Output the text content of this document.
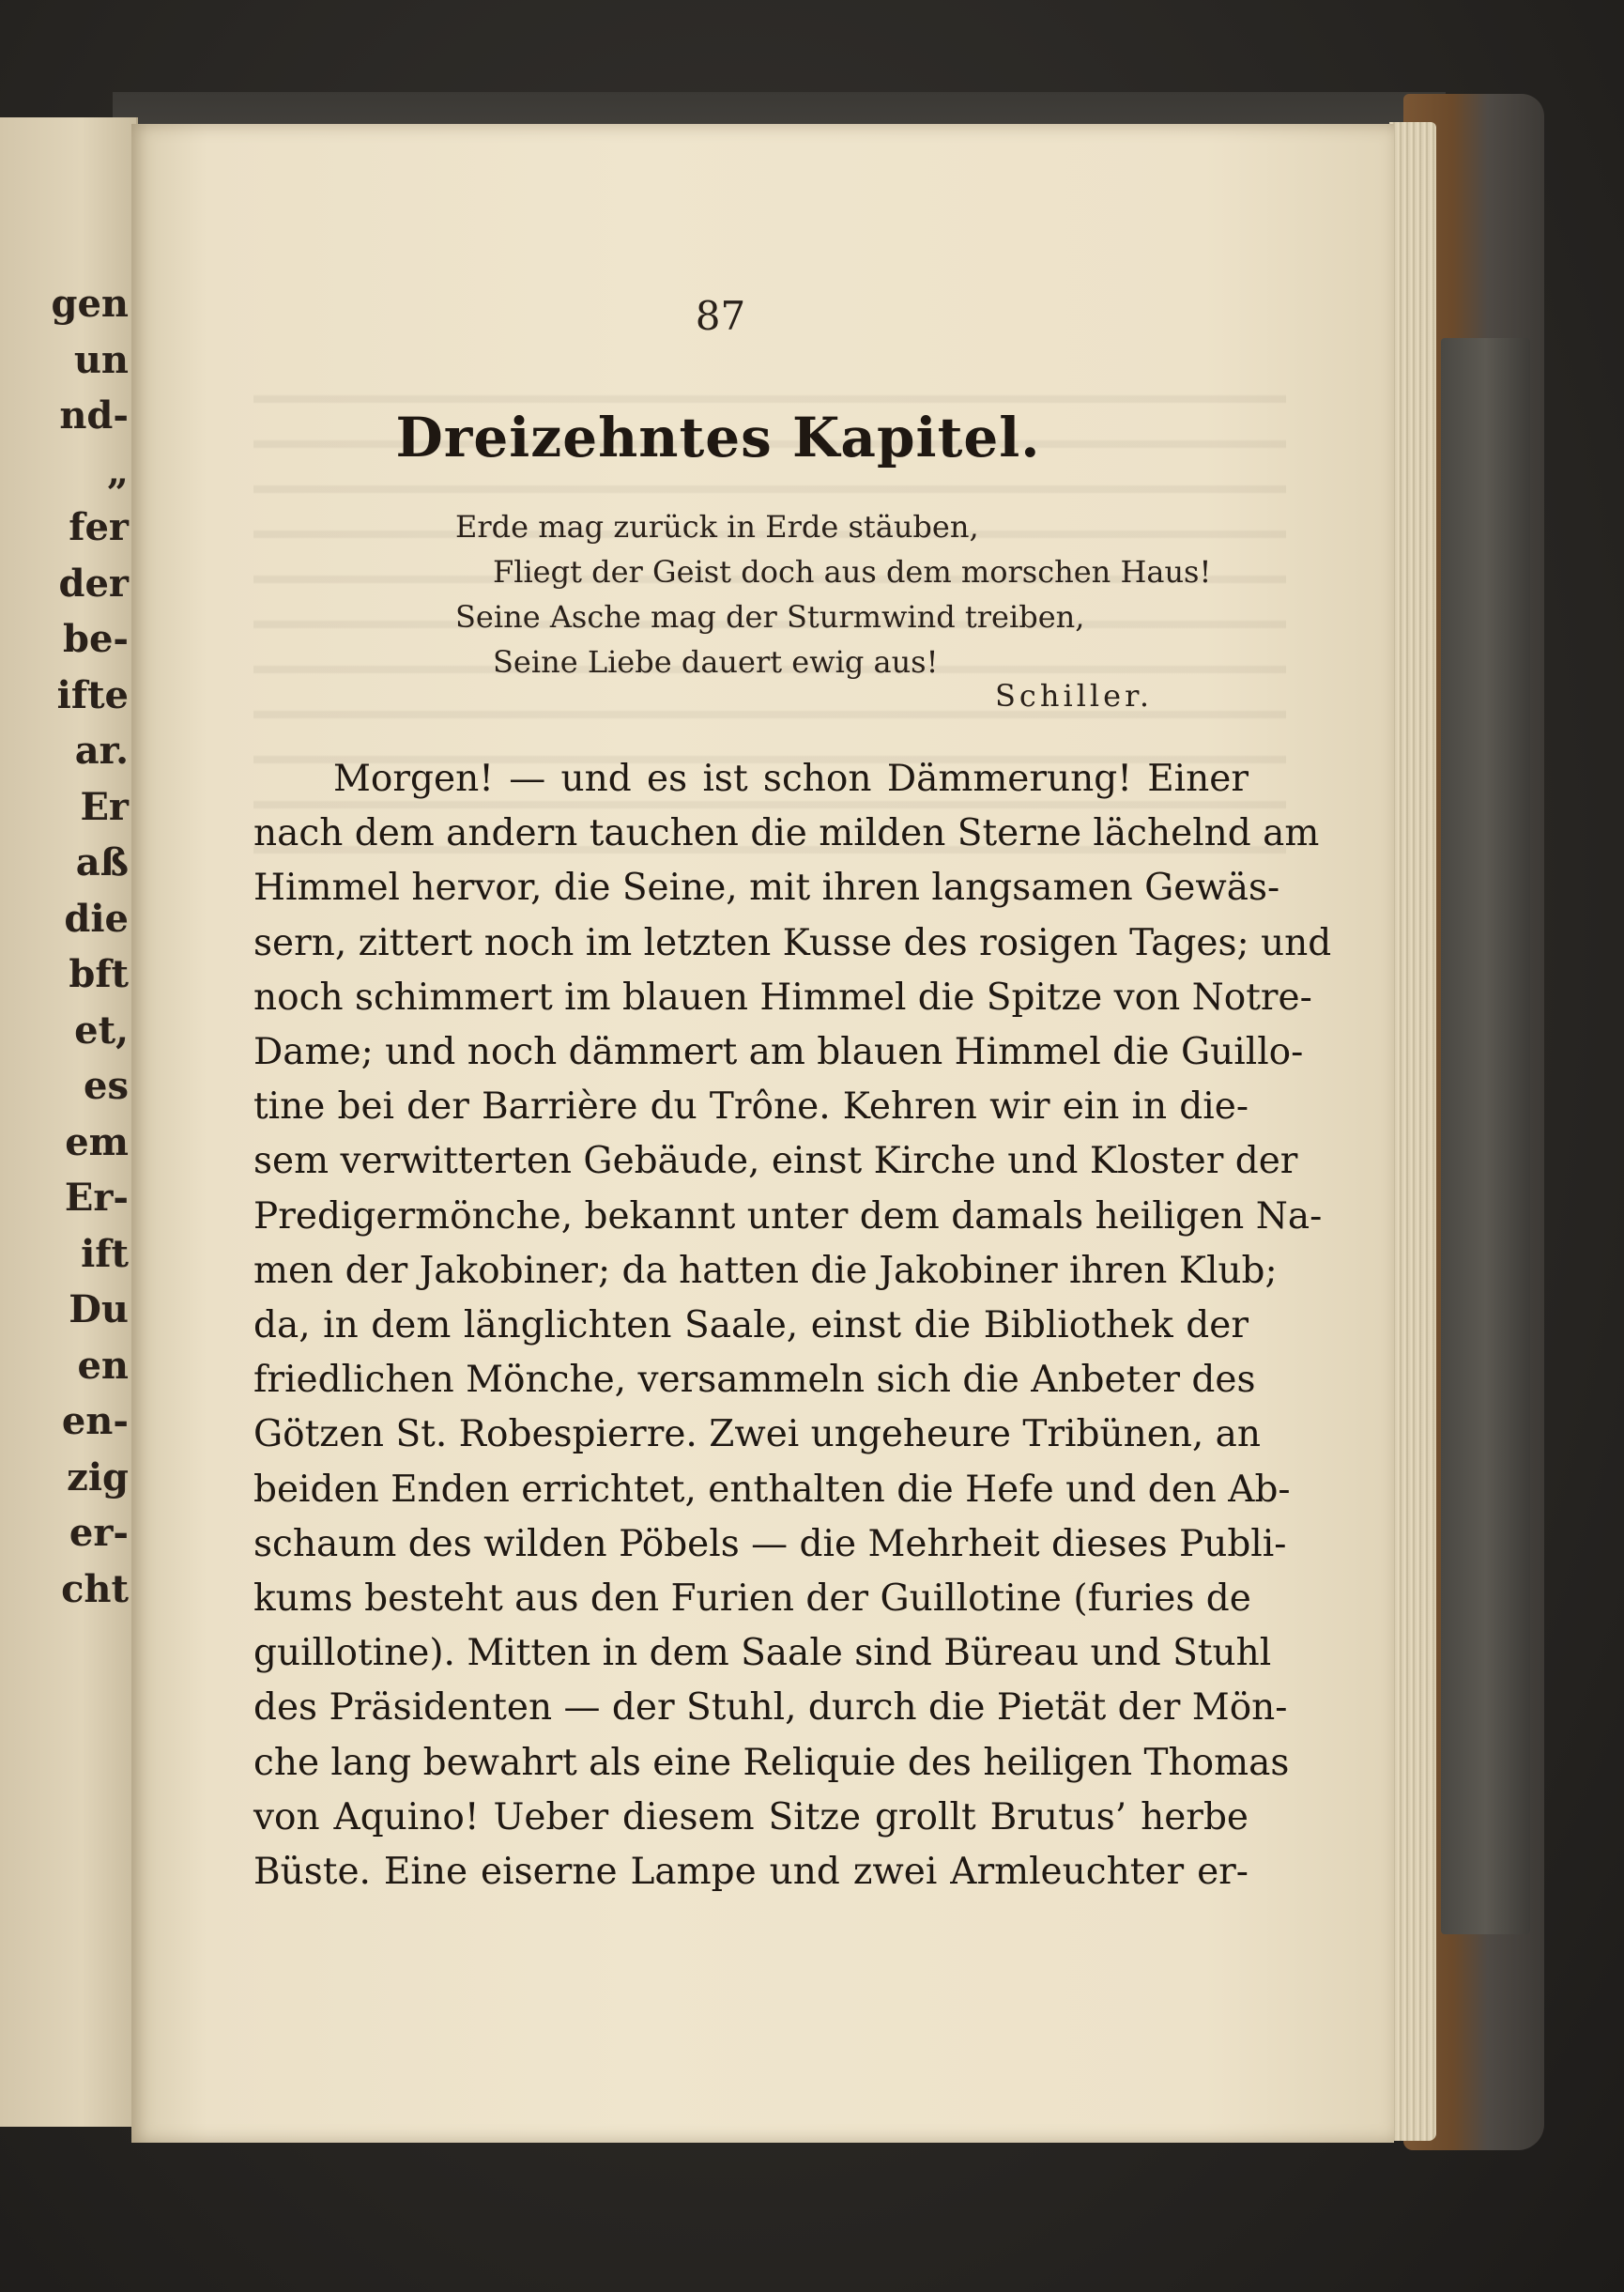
gen
un
nd-
„
fer
der
be-
ifte
ar.
Er
aß
die
bft
et,
es
em
Er-
ift
Du
en
en-
zig
er-
cht
87
Dreizehntes Kapitel.
Erde mag zurück in Erde stäuben,
Fliegt der Geist doch aus dem morschen Haus!
Seine Asche mag der Sturmwind treiben,
Seine Liebe dauert ewig aus!
Schiller.
Morgen! — und es ist schon Dämmerung! Einer
nach dem andern tauchen die milden Sterne lächelnd am
Himmel hervor, die Seine, mit ihren langsamen Gewäs-
sern, zittert noch im letzten Kusse des rosigen Tages; und
noch schimmert im blauen Himmel die Spitze von Notre-
Dame; und noch dämmert am blauen Himmel die Guillo-
tine bei der Barrière du Trône. Kehren wir ein in die-
sem verwitterten Gebäude, einst Kirche und Kloster der
Predigermönche, bekannt unter dem damals heiligen Na-
men der Jakobiner; da hatten die Jakobiner ihren Klub;
da, in dem länglichten Saale, einst die Bibliothek der
friedlichen Mönche, versammeln sich die Anbeter des
Götzen St. Robespierre. Zwei ungeheure Tribünen, an
beiden Enden errichtet, enthalten die Hefe und den Ab-
schaum des wilden Pöbels — die Mehrheit dieses Publi-
kums besteht aus den Furien der Guillotine (furies de
guillotine). Mitten in dem Saale sind Büreau und Stuhl
des Präsidenten — der Stuhl, durch die Pietät der Mön-
che lang bewahrt als eine Reliquie des heiligen Thomas
von Aquino! Ueber diesem Sitze grollt Brutus’ herbe
Büste. Eine eiserne Lampe und zwei Armleuchter er-
